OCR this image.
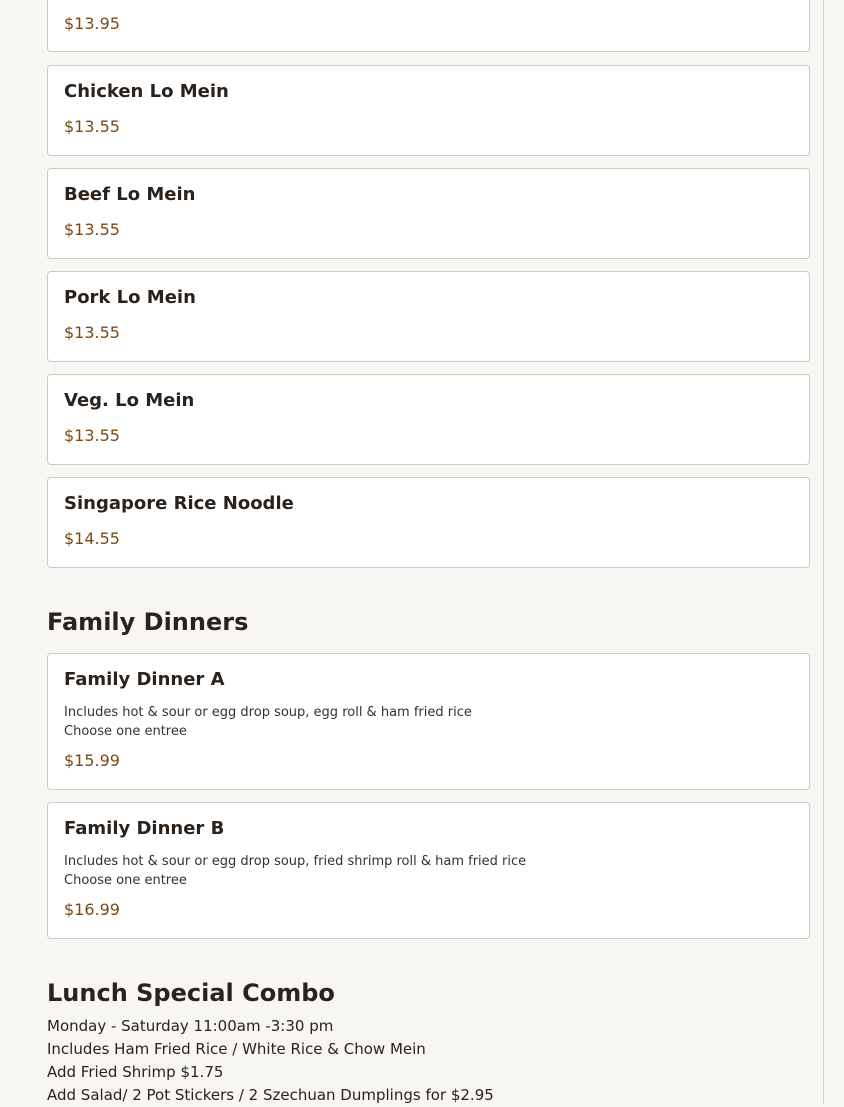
$13.95
Chicken Lo Mein
$13.55
Beef Lo Mein
$13.55
Pork Lo Mein
$13.55
Veg. Lo Mein
$13.55
Singapore Rice Noodle
$14.55
Family Dinners
Family Dinner A
Includes hot & sour or egg drop soup, egg roll & ham fried rice
Choose one entree
$15.99
Family Dinner B
Includes hot & sour or egg drop soup, fried shrimp roll & ham fried rice
Choose one entree
$16.99
Lunch Special Combo
Monday - Saturday 11:00am -3:30 pm
Includes Ham Fried Rice / White Rice & Chow Mein
Add Fried Shrimp $1.75
Add Salad/ 2 Pot Stickers / 2 Szechuan Dumplings for $2.95
